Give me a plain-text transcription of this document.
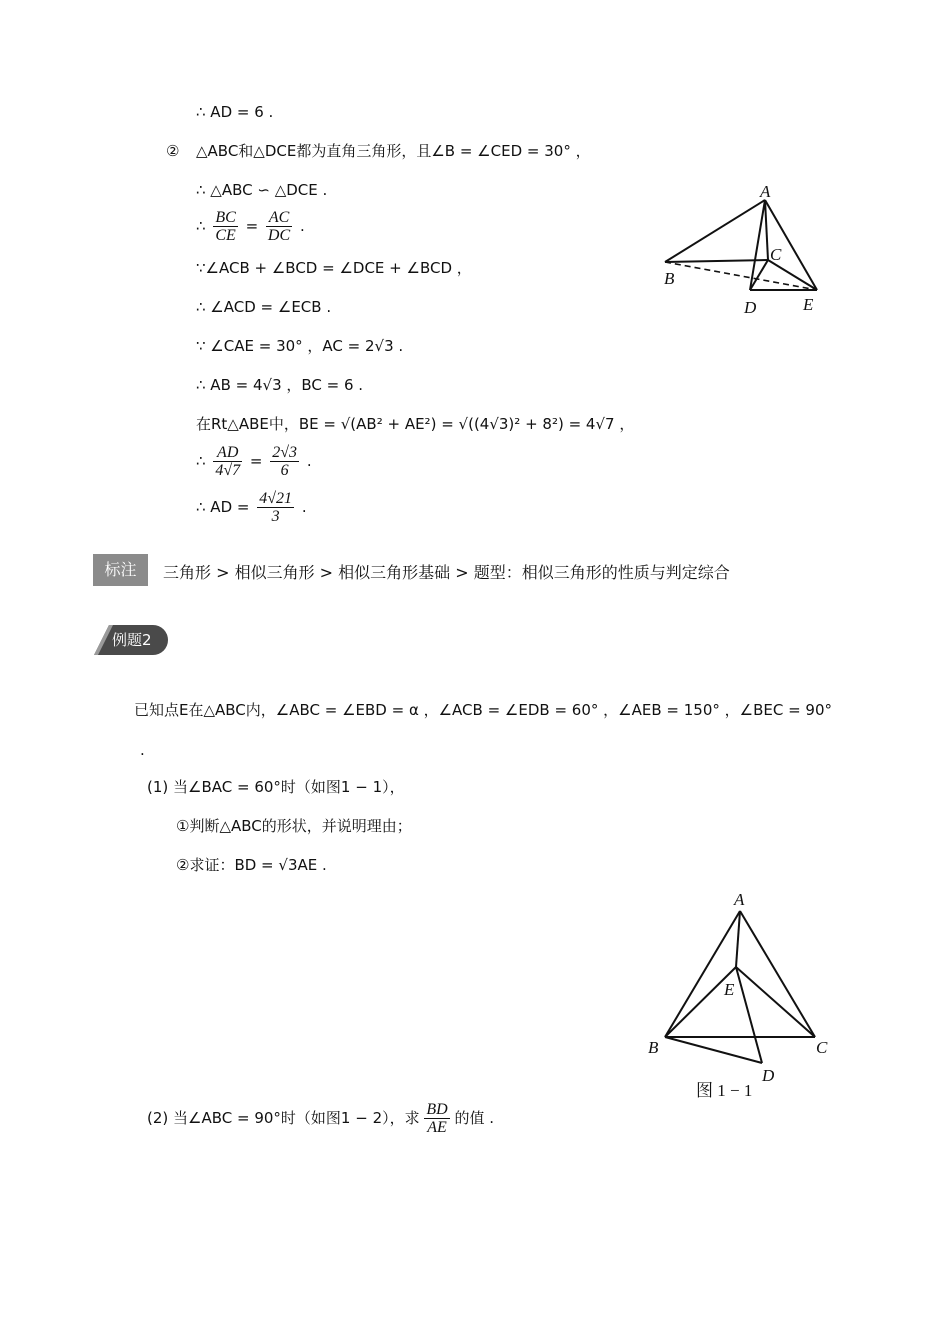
∴ AD = 6 .
② △ABC和△DCE都为直角三角形，且∠B = ∠CED = 30° ，
∴ △ABC ∽ △DCE .
∴ $\frac{BC}{CE} = \frac{AC}{DC}$ .
∵∠ACB + ∠BCD = ∠DCE + ∠BCD ，
∴ ∠ACD = ∠ECB .
∵ ∠CAE = 30° ，AC = 2√3 .
∴ AB = 4√3 ，BC = 6 .
在Rt△ABE中，BE = √(AB² + AE²) = √((4√3)² + 8²) = 4√7 ，
∴ $\frac{AD}{4√7} = \frac{2√3}{6}$ .
∴ AD = $\frac{4√21}{3}$ .
A
B
C
D	E
标注	三角形 > 相似三角形 > 相似三角形基础 > 题型：相似三角形的性质与判定综合
例题2
已知点E在△ABC内，∠ABC = ∠EBD = α ，∠ACB = ∠EDB = 60° ，∠AEB = 150° ，∠BEC = 90°
.
(1) 当∠BAC = 60°时（如图1 − 1），
①判断△ABC的形状，并说明理由；
②求证：BD = √3AE .
A
B	C
D
E
图 1 − 1
(2) 当∠ABC = 90°时（如图1 − 2），求 $\frac{BD}{AE}$ 的值 .
